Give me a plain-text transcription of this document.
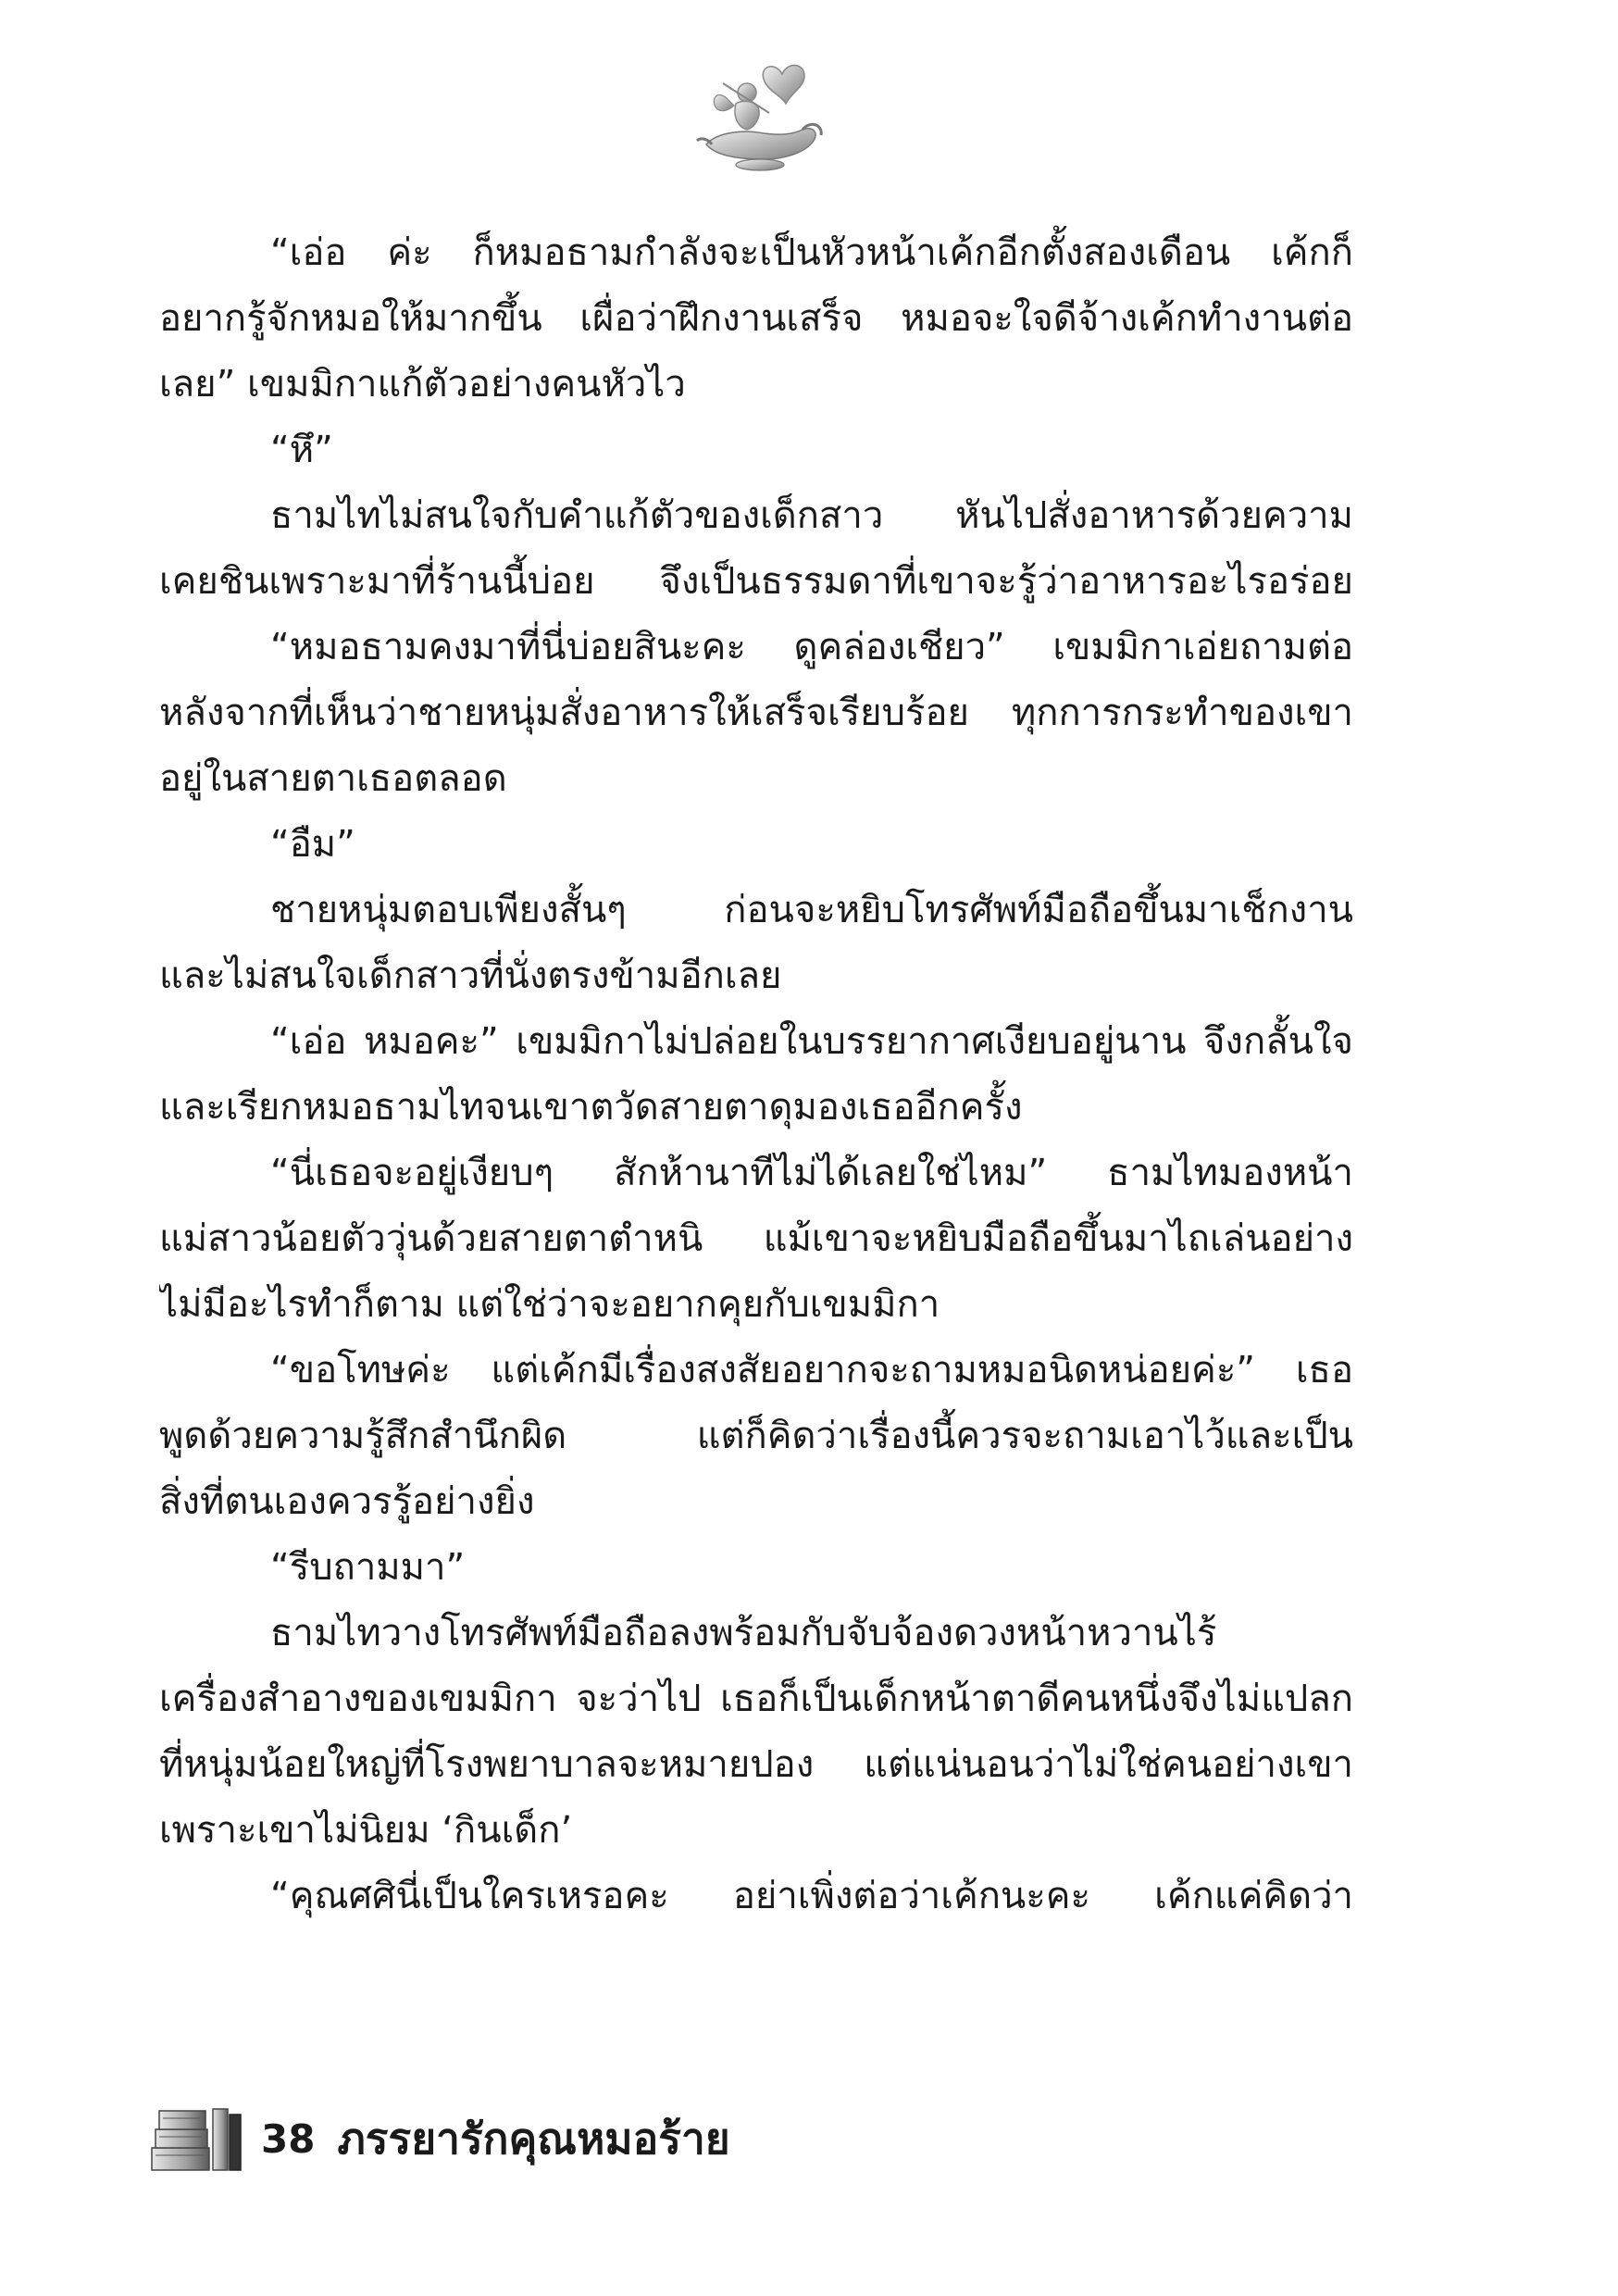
“เอ่อ ค่ะ ก็หมอธามกำลังจะเป็นหัวหน้าเค้กอีกตั้งสองเดือน เค้กก็
อยากรู้จักหมอให้มากขึ้น เผื่อว่าฝึกงานเสร็จ หมอจะใจดีจ้างเค้กทำงานต่อ
เลย” เขมมิกาแก้ตัวอย่างคนหัวไว
“หึ”
ธามไทไม่สนใจกับคำแก้ตัวของเด็กสาว หันไปสั่งอาหารด้วยความ
เคยชินเพราะมาที่ร้านนี้บ่อย จึงเป็นธรรมดาที่เขาจะรู้ว่าอาหารอะไรอร่อย
“หมอธามคงมาที่นี่บ่อยสินะคะ ดูคล่องเชียว” เขมมิกาเอ่ยถามต่อ
หลังจากที่เห็นว่าชายหนุ่มสั่งอาหารให้เสร็จเรียบร้อย ทุกการกระทำของเขา
อยู่ในสายตาเธอตลอด
“อืม”
ชายหนุ่มตอบเพียงสั้นๆ ก่อนจะหยิบโทรศัพท์มือถือขึ้นมาเช็กงาน
และไม่สนใจเด็กสาวที่นั่งตรงข้ามอีกเลย
“เอ่อ หมอคะ” เขมมิกาไม่ปล่อยในบรรยากาศเงียบอยู่นาน จึงกลั้นใจ
และเรียกหมอธามไทจนเขาตวัดสายตาดุมองเธออีกครั้ง
“นี่เธอจะอยู่เงียบๆ สักห้านาทีไม่ได้เลยใช่ไหม” ธามไทมองหน้า
แม่สาวน้อยตัววุ่นด้วยสายตาตำหนิ แม้เขาจะหยิบมือถือขึ้นมาไถเล่นอย่าง
ไม่มีอะไรทำก็ตาม แต่ใช่ว่าจะอยากคุยกับเขมมิกา
“ขอโทษค่ะ แต่เค้กมีเรื่องสงสัยอยากจะถามหมอนิดหน่อยค่ะ” เธอ
พูดด้วยความรู้สึกสำนึกผิด แต่ก็คิดว่าเรื่องนี้ควรจะถามเอาไว้และเป็น
สิ่งที่ตนเองควรรู้อย่างยิ่ง
“รีบถามมา”
ธามไทวางโทรศัพท์มือถือลงพร้อมกับจับจ้องดวงหน้าหวานไร้
เครื่องสำอางของเขมมิกา จะว่าไป เธอก็เป็นเด็กหน้าตาดีคนหนึ่งจึงไม่แปลก
ที่หนุ่มน้อยใหญ่ที่โรงพยาบาลจะหมายปอง แต่แน่นอนว่าไม่ใช่คนอย่างเขา
เพราะเขาไม่นิยม ‘กินเด็ก’
“คุณศศินี่เป็นใครเหรอคะ อย่าเพิ่งต่อว่าเค้กนะคะ เค้กแค่คิดว่า
38 ภรรยารักคุณหมอร้าย
